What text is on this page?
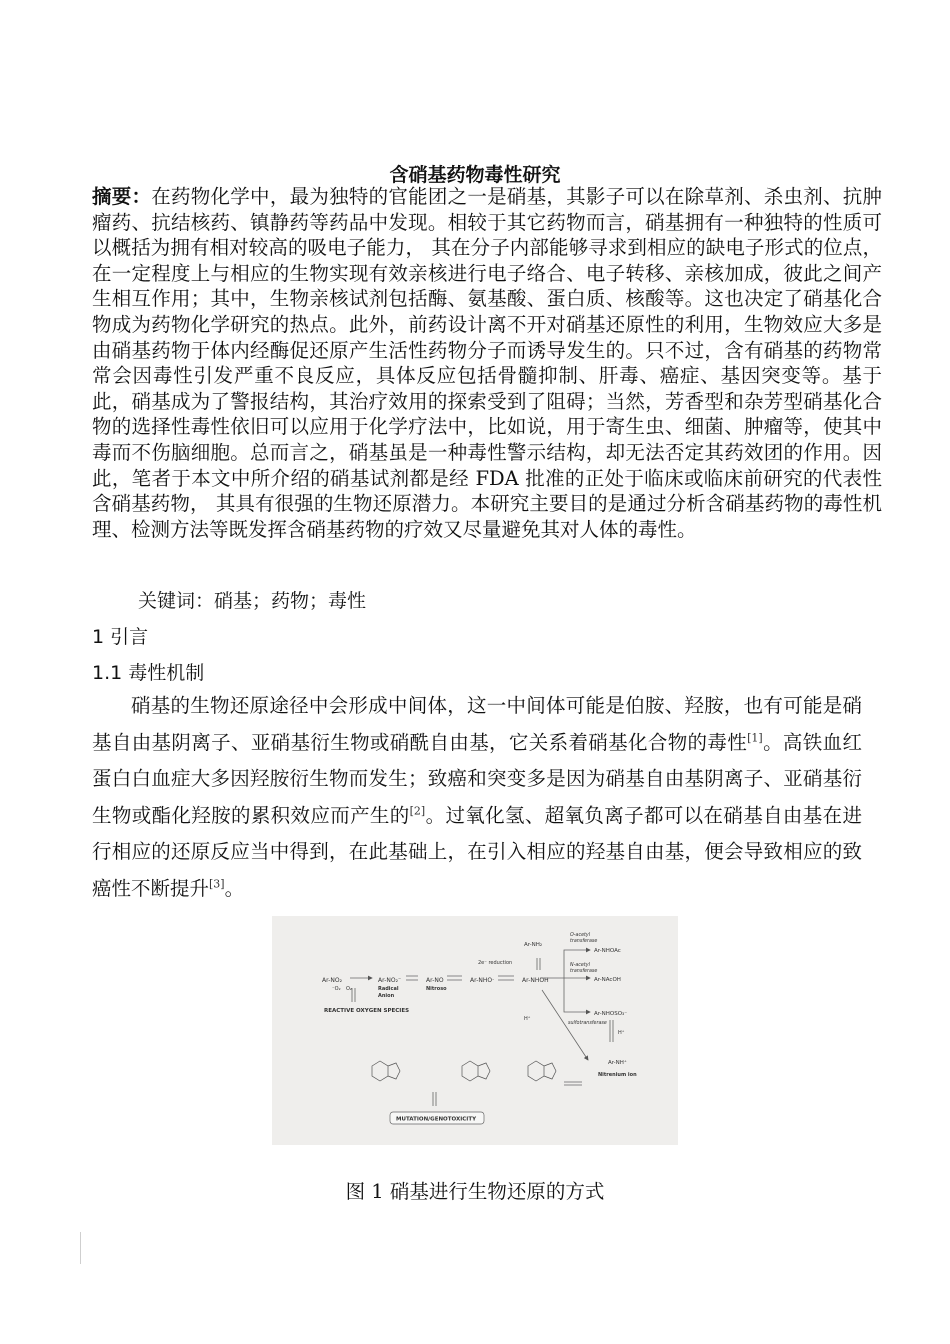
含硝基药物毒性研究
摘要：在药物化学中，最为独特的官能团之一是硝基，其影子可以在除草剂、杀虫剂、抗肿瘤药、抗结核药、镇静药等药品中发现。相较于其它药物而言，硝基拥有一种独特的性质可以概括为拥有相对较高的吸电子能力， 其在分子内部能够寻求到相应的缺电子形式的位点， 在一定程度上与相应的生物实现有效亲核进行电子络合、电子转移、亲核加成，彼此之间产生相互作用；其中，生物亲核试剂包括酶、氨基酸、蛋白质、核酸等。这也决定了硝基化合物成为药物化学研究的热点。此外，前药设计离不开对硝基还原性的利用，生物效应大多是由硝基药物于体内经酶促还原产生活性药物分子而诱导发生的。只不过，含有硝基的药物常常会因毒性引发严重不良反应，具体反应包括骨髓抑制、肝毒、癌症、基因突变等。基于此，硝基成为了警报结构，其治疗效用的探索受到了阻碍；当然，芳香型和杂芳型硝基化合物的选择性毒性依旧可以应用于化学疗法中，比如说，用于寄生虫、细菌、肿瘤等，使其中毒而不伤脑细胞。总而言之，硝基虽是一种毒性警示结构，却无法否定其药效团的作用。因此，笔者于本文中所介绍的硝基试剂都是经 FDA 批准的正处于临床或临床前研究的代表性含硝基药物， 其具有很强的生物还原潜力。本研究主要目的是通过分析含硝基药物的毒性机理、检测方法等既发挥含硝基药物的疗效又尽量避免其对人体的毒性。
关键词：硝基；药物；毒性
1 引言
1.1 毒性机制
硝基的生物还原途径中会形成中间体，这一中间体可能是伯胺、羟胺，也有可能是硝基自由基阴离子、亚硝基衍生物或硝酰自由基，它关系着硝基化合物的毒性[1]。高铁血红蛋白白血症大多因羟胺衍生物而发生；致癌和突变多是因为硝基自由基阴离子、亚硝基衍生物或酯化羟胺的累积效应而产生的[2]。过氧化氢、超氧负离子都可以在硝基自由基在进行相应的还原反应当中得到，在此基础上，在引入相应的羟基自由基，便会导致相应的致癌性不断提升[3]。
Ar-NO₂	Ar-NO₂⁻	Ar-NO	Ar-NHO·	Ar-NHOH
⁻O₂ O₂	Radical
Anion
Nitroso
REACTIVE OXYGEN SPECIES
Ar-NH₂
2e⁻ reduction
O-acetyl
transferase
Ar-NHOAc
N-acetyl
transferase
Ar-NAcOH
Ar-NHOSO₃⁻
sulfotransferase
H⁺
H⁺
Ar-NH⁺
Nitrenium ion
MUTATION/GENOTOXICITY
图 1 硝基进行生物还原的方式
